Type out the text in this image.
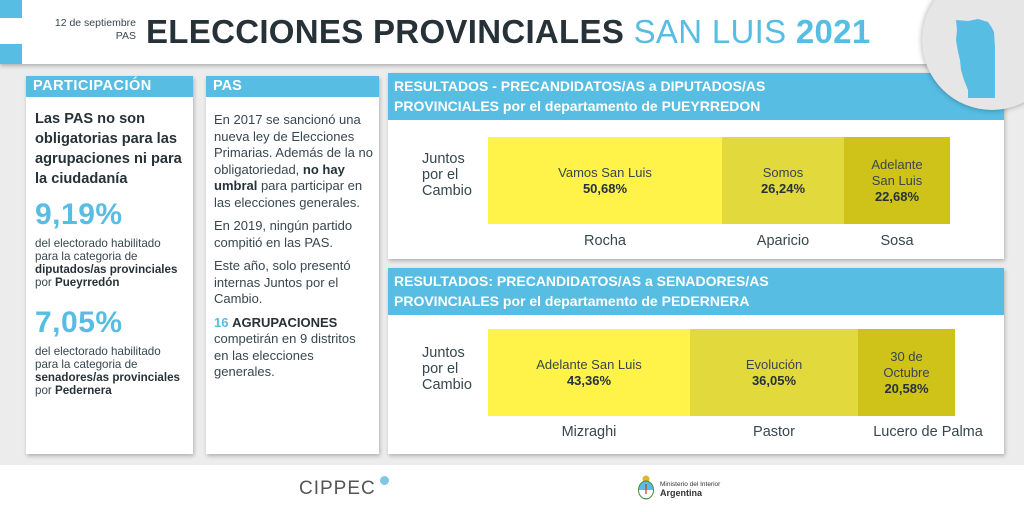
12 de septiembre
PAS ELECCIONES PROVINCIALES SAN LUIS 2021
PARTICIPACIÓN
Las PAS no son obligatorias para las agrupaciones ni para la ciudadanía
9,19%
del electorado habilitado para la categoria de diputados/as provinciales por Pueyrredón
7,05%
del electorado habilitado para la categoria de senadores/as provinciales por Pedernera
PAS

En 2017 se sancionó una nueva ley de Elecciones Primarias. Además de la no obligatoriedad, no hay umbral para participar en las elecciones generales.

En 2019, ningún partido compitió en las PAS.

Este año, solo presentó internas Juntos por el Cambio.

16 AGRUPACIONES
competirán en 9 distritos en las elecciones generales.

RESULTADOS - PRECANDIDATOS/AS a DIPUTADOS/AS
PROVINCIALES por el departamento de PUEYRREDON
Juntos
por el
Cambio
Vamos San Luis
50,68%
Somos
26,24%
Adelante
San Luis
22,68%
Rocha	Aparicio	Sosa
RESULTADOS: PRECANDIDATOS/AS a SENADORES/AS
PROVINCIALES por el departamento de PEDERNERA
Juntos
por el
Cambio
Adelante San Luis
43,36%
Evolución
36,05%
30 de
Octubre
20,58%
Mizraghi	Pastor	Lucero de Palma
CIPPEC	Ministerio del Interior
Argentina
